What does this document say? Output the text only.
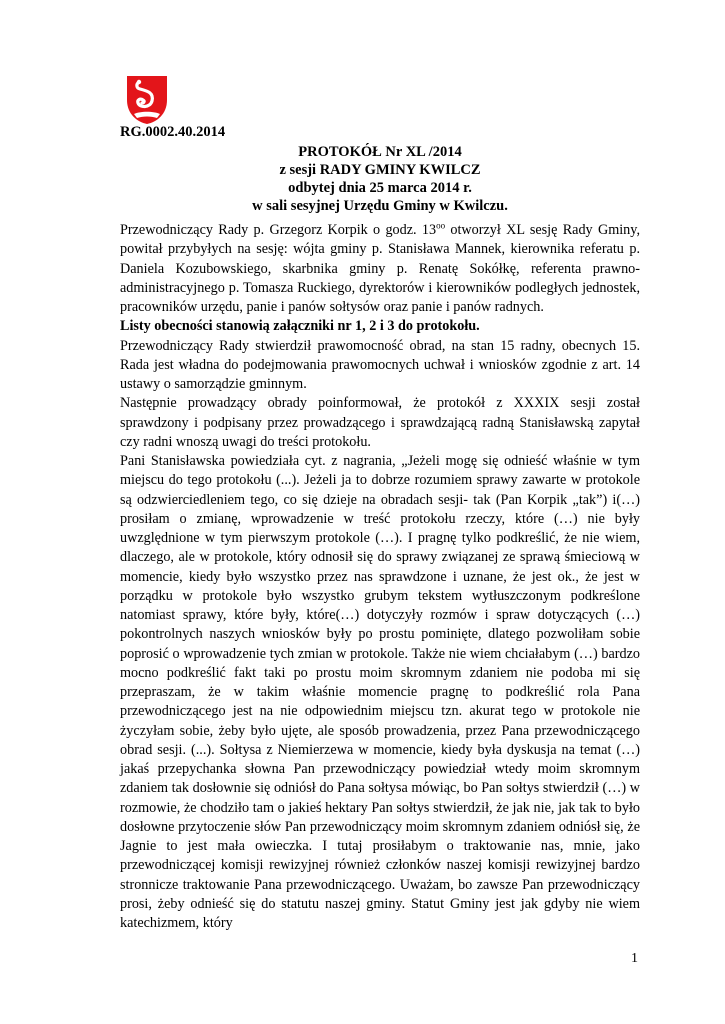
RG.0002.40.2014
PROTOKÓŁ Nr XL /2014
z sesji RADY GMINY KWILCZ
odbytej dnia 25 marca 2014 r.
w sali sesyjnej Urzędu Gminy w Kwilczu.

Przewodniczący Rady p. Grzegorz Korpik o godz. $13^{oo}$ otworzył XL sesję Rady Gminy, powitał przybyłych na sesję: wójta gminy p. Stanisława Mannek, kierownika referatu p. Daniela Kozubowskiego, skarbnika gminy p. Renatę Sokółkę, referenta prawno-administracyjnego p. Tomasza Ruckiego, dyrektorów i kierowników podległych jednostek, pracowników urzędu, panie i panów sołtysów oraz panie i panów radnych.

Listy obecności stanowią załączniki nr 1, 2 i 3 do protokołu.

Przewodniczący Rady stwierdził prawomocność obrad, na stan 15 radny, obecnych 15. Rada jest władna do podejmowania prawomocnych uchwał i wniosków zgodnie z art. 14 ustawy o samorządzie gminnym.

Następnie prowadzący obrady poinformował, że protokół z XXXIX sesji został sprawdzony i podpisany przez prowadzącego i sprawdzającą radną Stanisławską zapytał czy radni wnoszą uwagi do treści protokołu.

Pani Stanisławska powiedziała cyt. z nagrania, „Jeżeli mogę się odnieść właśnie w tym miejscu do tego protokołu (...). Jeżeli ja to dobrze rozumiem sprawy zawarte w protokole są odzwierciedleniem tego, co się dzieje na obradach sesji- tak (Pan Korpik „tak”) i(…) prosiłam o zmianę, wprowadzenie w treść protokołu rzeczy, które (…) nie były uwzględnione w tym pierwszym protokole (…). I pragnę tylko podkreślić, że nie wiem, dlaczego, ale w protokole, który odnosił się do sprawy związanej ze sprawą śmieciową w momencie, kiedy było wszystko przez nas sprawdzone i uznane, że jest ok., że jest w porządku w protokole było wszystko grubym tekstem wytłuszczonym podkreślone natomiast sprawy, które były, które(…) dotyczyły rozmów i spraw dotyczących (…) pokontrolnych naszych wniosków były po prostu pominięte, dlatego pozwoliłam sobie poprosić o wprowadzenie tych zmian w protokole. Także nie wiem chciałabym (…) bardzo mocno podkreślić fakt taki po prostu moim skromnym zdaniem nie podoba mi się przepraszam, że w takim właśnie momencie pragnę to podkreślić rola Pana przewodniczącego jest na nie odpowiednim miejscu tzn. akurat tego w protokole nie życzyłam sobie, żeby było ujęte, ale sposób prowadzenia, przez Pana przewodniczącego obrad sesji. (...). Sołtysa z Niemierzewa w momencie, kiedy była dyskusja na temat (…) jakaś przepychanka słowna Pan przewodniczący powiedział wtedy moim skromnym zdaniem tak dosłownie się odniósł do Pana sołtysa mówiąc, bo Pan sołtys stwierdził (…) w rozmowie, że chodziło tam o jakieś hektary Pan sołtys stwierdził, że jak nie, jak tak to było dosłowne przytoczenie słów Pan przewodniczący moim skromnym zdaniem odniósł się, że Jagnie to jest mała owieczka. I tutaj prosiłabym o traktowanie nas, mnie, jako przewodniczącej komisji rewizyjnej również członków naszej komisji rewizyjnej bardzo stronnicze traktowanie Pana przewodniczącego. Uważam, bo zawsze Pan przewodniczący prosi, żeby odnieść się do statutu naszej gminy. Statut Gminy jest jak gdyby nie wiem katechizmem, który

1
